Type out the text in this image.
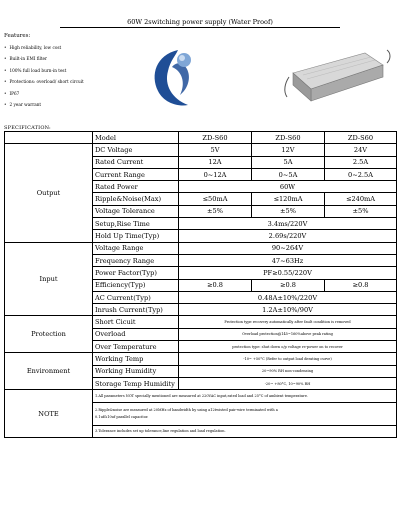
60W 2switching power supply (Water Proof)
Features:
• High reliability, low cost
• Built-in EMI filter
• 100% full load burn-in test
• Protections: overload/ short circuit
• IP67
• 2 year warrant
SPECIFICATION:
	Model	ZD-S60	ZD-S60	ZD-S60
Output	DC Voltage	5V	12V	24V
	Rated Current	12A	5A	2.5A
	Current Range	0~12A	0~5A	0~2.5A
	Rated Power	60W		
	Ripple&Noise(Max)	≤50mA	≤120mA	≤240mA
	Voltage Tolerance	±5%	±5%	±5%
	Setup,Rise Time	3.4ms/220V		
	Hold Up Time(Typ)	2.69s/220V		
Input	Voltage Range	90~264V		
	Frequency Range	47~63Hz		
	Power Factor(Typ)	PF≥0.55/220V		
	Efficiency(Typ)	≥0.8	≥0.8	≥0.8
	AC Current(Typ)	0.48A±10%/220V		
	Inrush Current(Typ)	1.2A±10%/90V		
Protection	Short Cicuit	Protection type recovery automatically after fault condition is removed		
	Overload	Overload protection@145~160%above peak rating		
	Over Temperature	protection type: shut down o/p voltage re-power on to recover		
Environment	Working Temp	-10~ +50°C (Refer to output load derating curve)		
	Working Humidity	20~90% RH non-condensing		
	Storage Temp Humidity	-20~ +80°C, 10~90% RH		
NOTE	1.All parameters NOT specially mentioned are measured at 220VAC input,rated load and 25°C of ambient temperature.			
	2.Ripple&noise are measured at 20MHz of bandwidth by using a12twisted pair-wire terminated with a
0.1uf&10uf parallel capacitor.			
	3.Tolerance includes set up tolerance,line regulation and load regulation.			
